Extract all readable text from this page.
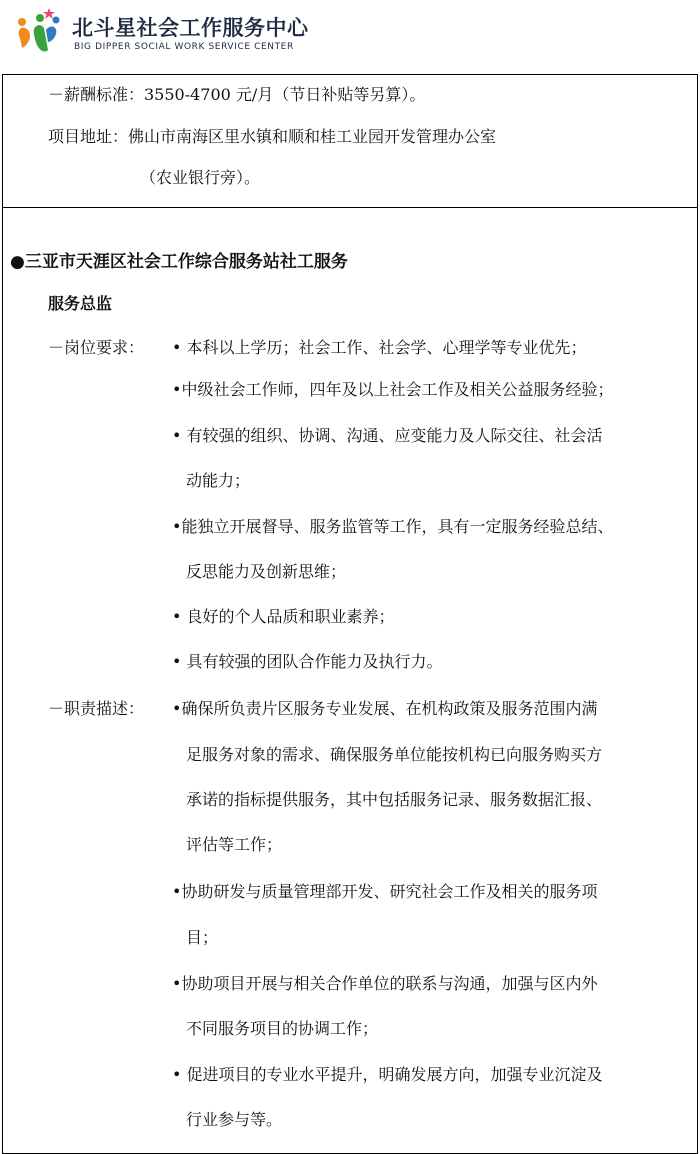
北斗星社会工作服务中心
BIG DIPPER SOCIAL WORK SERVICE CENTER
－薪酬标准：3550-4700 元/月（节日补贴等另算）。
项目地址：佛山市南海区里水镇和顺和桂工业园开发管理办公室
（农业银行旁）。
●三亚市天涯区社会工作综合服务站社工服务
服务总监
－岗位要求： • 本科以上学历；社会工作、社会学、心理学等专业优先；
•中级社会工作师，四年及以上社会工作及相关公益服务经验；
• 有较强的组织、协调、沟通、应变能力及人际交往、社会活
动能力；
•能独立开展督导、服务监管等工作，具有一定服务经验总结、
反思能力及创新思维；
• 良好的个人品质和职业素养；
• 具有较强的团队合作能力及执行力。
－职责描述： •确保所负责片区服务专业发展、在机构政策及服务范围内满
足服务对象的需求、确保服务单位能按机构已向服务购买方
承诺的指标提供服务，其中包括服务记录、服务数据汇报、
评估等工作；
•协助研发与质量管理部开发、研究社会工作及相关的服务项
目；
•协助项目开展与相关合作单位的联系与沟通，加强与区内外
不同服务项目的协调工作；
• 促进项目的专业水平提升，明确发展方向，加强专业沉淀及
行业参与等。
